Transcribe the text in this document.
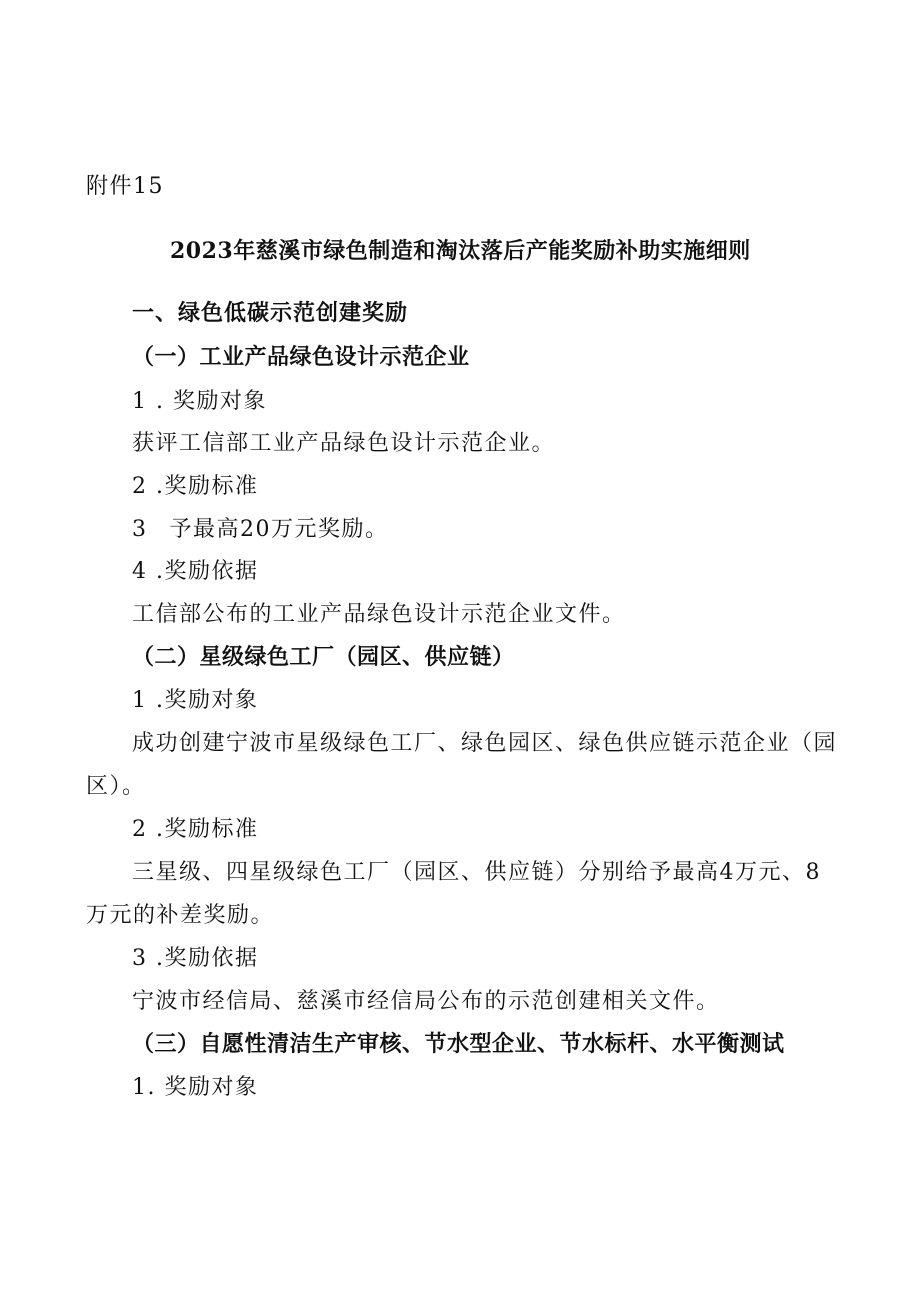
附件15
2023年慈溪市绿色制造和淘汰落后产能奖励补助实施细则
一、绿色低碳示范创建奖励
（一）工业产品绿色设计示范企业
1 . 奖励对象
获评工信部工业产品绿色设计示范企业。
2 .奖励标准
3 予最高20万元奖励。
4 .奖励依据
工信部公布的工业产品绿色设计示范企业文件。
（二）星级绿色工厂（园区、供应链）
1 .奖励对象
成功创建宁波市星级绿色工厂、绿色园区、绿色供应链示范企业（园
区）。
2 .奖励标准
三星级、四星级绿色工厂（园区、供应链）分别给予最高4万元、8
万元的补差奖励。
3 .奖励依据
宁波市经信局、慈溪市经信局公布的示范创建相关文件。
（三）自愿性清洁生产审核、节水型企业、节水标杆、水平衡测试
1. 奖励对象
